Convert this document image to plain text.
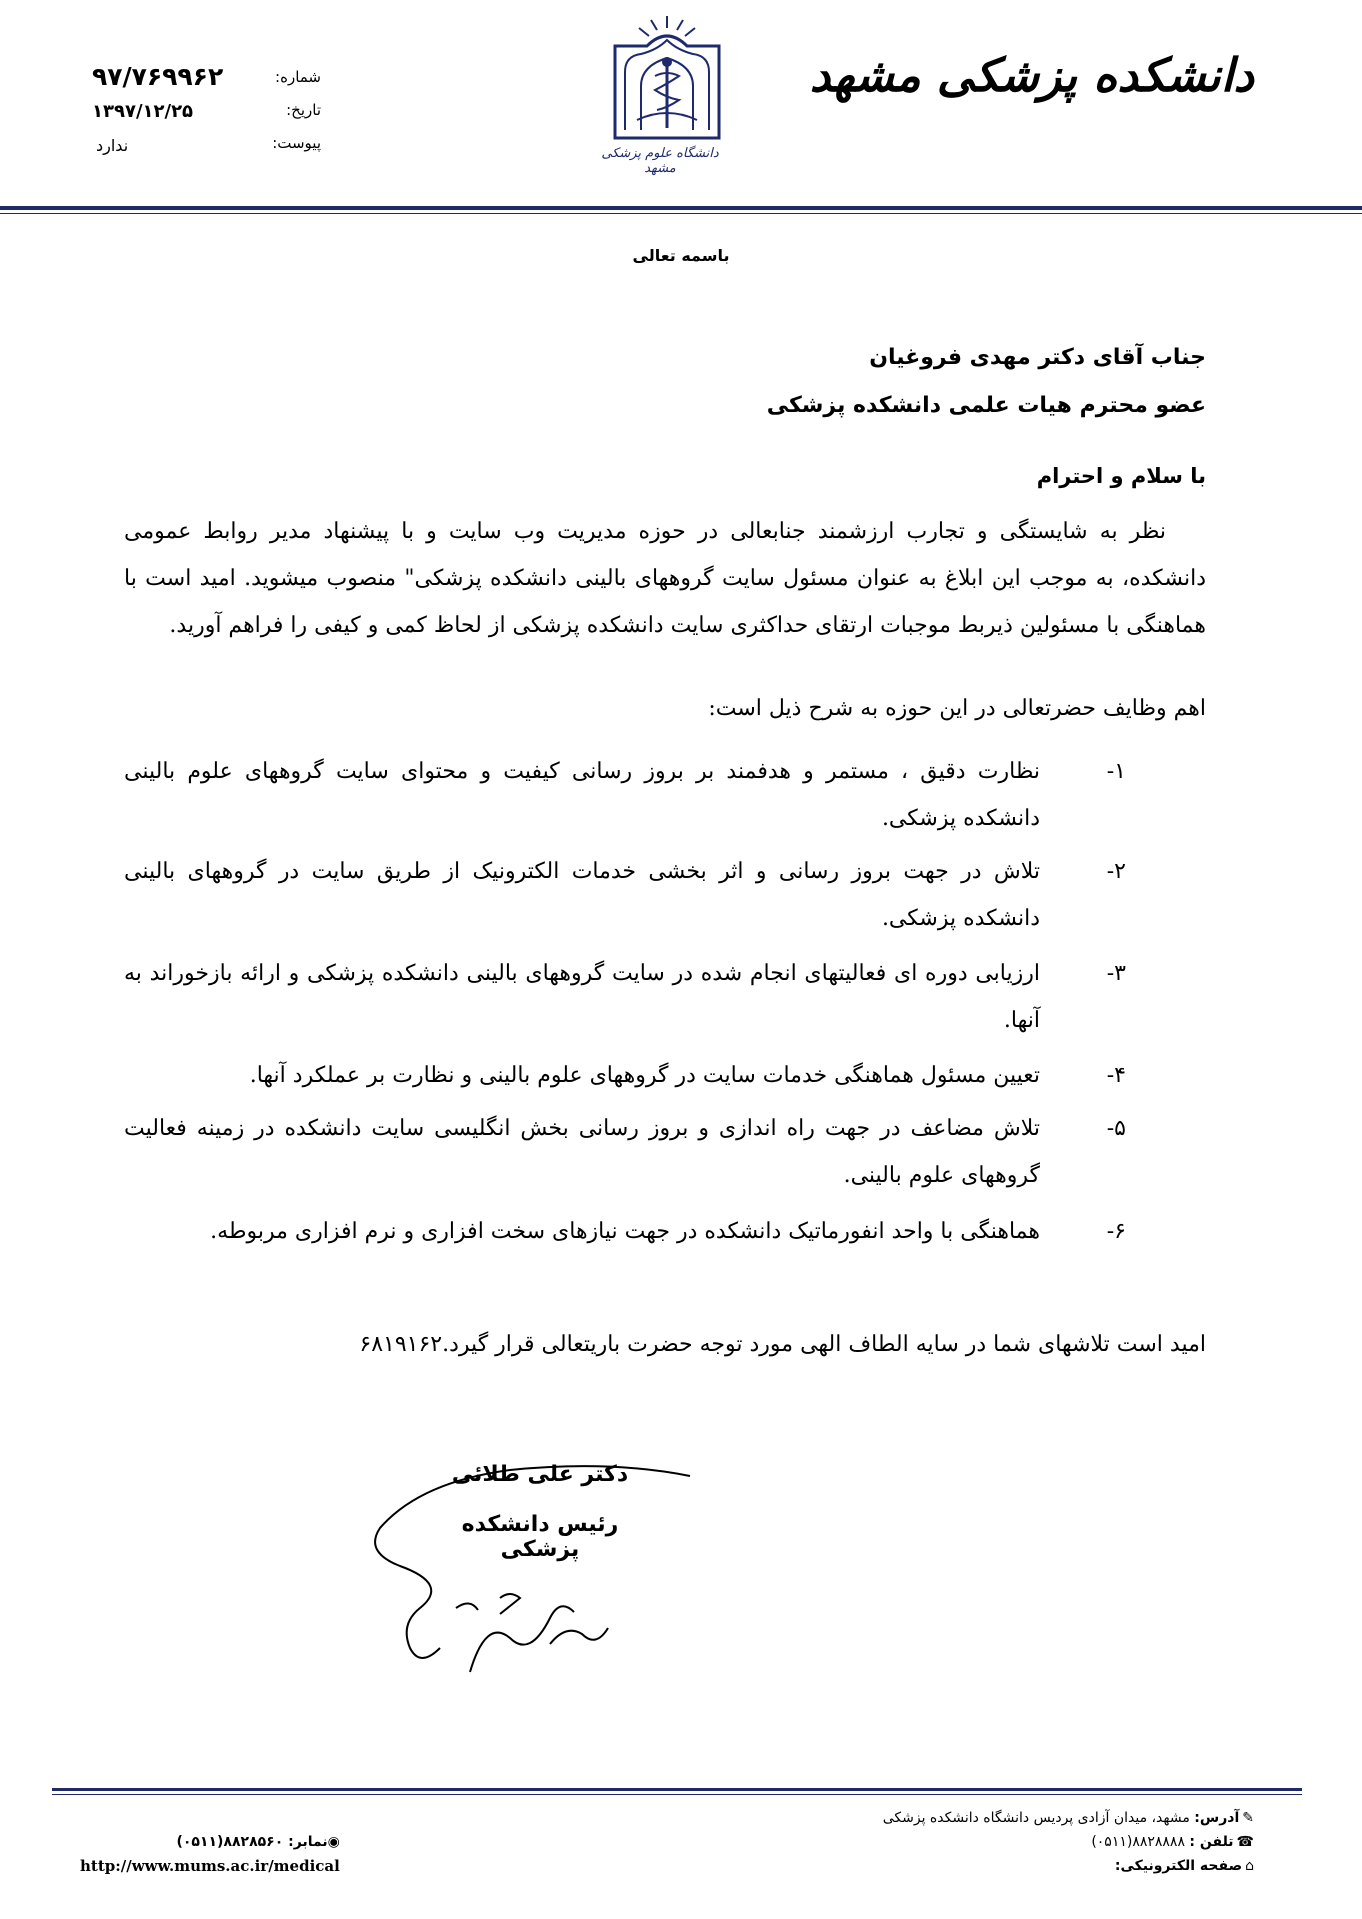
شماره:
۹۷/۷۶۹۹۶۲
تاریخ:
۱۳۹۷/۱۲/۲۵
پیوست:
ندارد	دانشگاه علوم پزشکی مشهد
دانشکده پزشکی مشهد
باسمه تعالی
جناب آقای دکتر مهدی فروغیان
عضو محترم هیات علمی دانشکده پزشکی
با سلام و احترام

نظر به شایستگی و تجارب ارزشمند جنابعالی در حوزه مدیریت وب سایت و با پیشنهاد مدیر روابط عمومی دانشکده، به موجب این ابلاغ به عنوان مسئول سایت گروههای بالینی دانشکده پزشکی" منصوب میشوید. امید است با هماهنگی با مسئولین ذیربط موجبات ارتقای حداکثری سایت دانشکده پزشکی از لحاظ کمی و کیفی را فراهم آورید.

اهم وظایف حضرتعالی در این حوزه به شرح ذیل است:
۱-
نظارت دقیق ، مستمر و هدفمند بر بروز رسانی کیفیت و محتوای سایت گروههای علوم بالینی دانشکده پزشکی.
۲-
تلاش در جهت بروز رسانی و اثر بخشی خدمات الکترونیک از طریق سایت در گروههای بالینی دانشکده پزشکی.
۳-
ارزیابی دوره ای فعالیتهای انجام شده در سایت گروههای بالینی دانشکده پزشکی و ارائه بازخوراند به آنها.
۴-
تعیین مسئول هماهنگی خدمات سایت در گروههای علوم بالینی و نظارت بر عملکرد آنها.
۵-
تلاش مضاعف در جهت راه اندازی و بروز رسانی بخش انگلیسی سایت دانشکده در زمینه فعالیت گروههای علوم بالینی.
۶-
هماهنگی با واحد انفورماتیک دانشکده در جهت نیازهای سخت افزاری و نرم افزاری مربوطه.
امید است تلاشهای شما در سایه الطاف الهی مورد توجه حضرت باریتعالی قرار گیرد.۶۸۱۹۱۶۲
دکتر علی طلائی
رئیس دانشکده پزشکی
✎آدرس: مشهد، میدان آزادی پردیس دانشگاه دانشکده پزشکی
☎تلفن : ۸۸۲۸۸۸۸(۰۵۱۱)
⌂صفحه الکترونیکی:
◉نمابر: ۸۸۲۸۵۶۰(۰۵۱۱)
http://www.mums.ac.ir/medical
